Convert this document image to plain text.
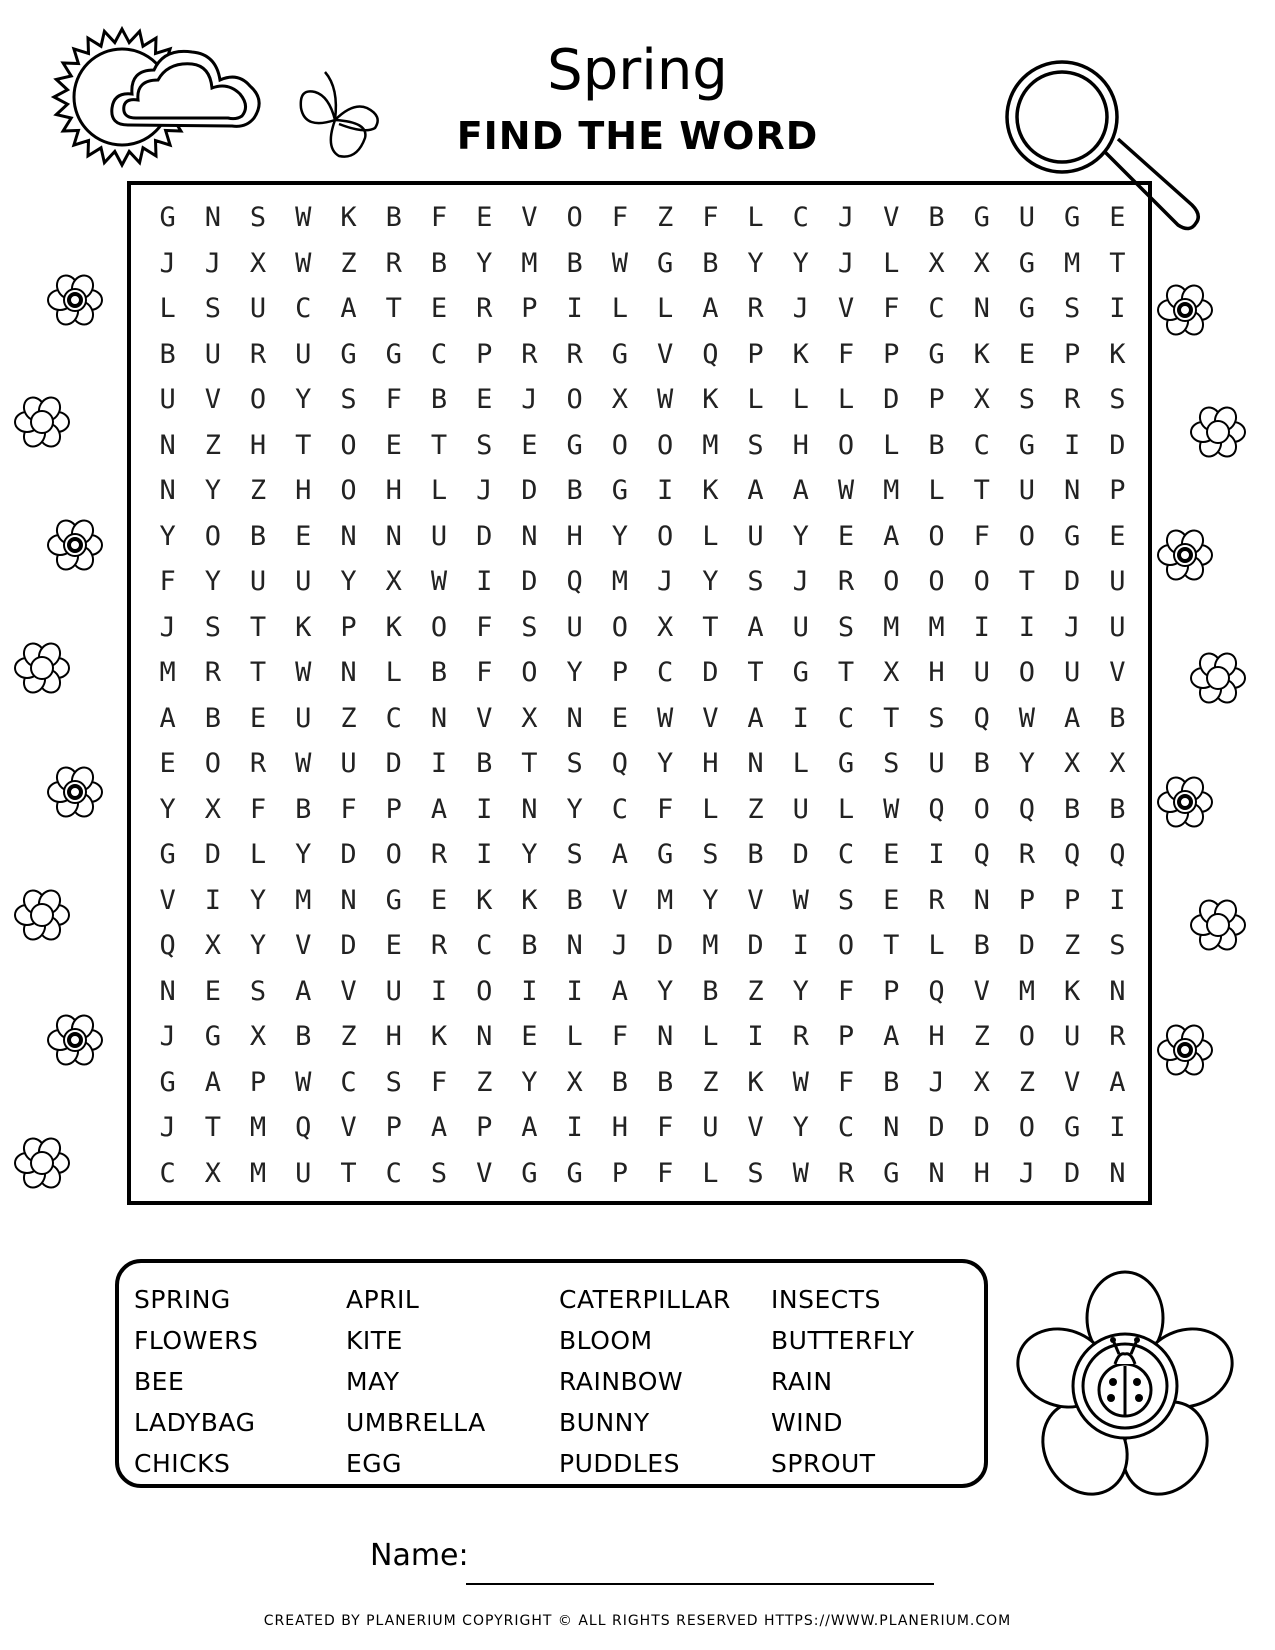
Spring
FIND THE WORD
G	N	S	W	K	B	F	E	V	O	F	Z	F	L	C	J	V	B	G	U	G	E
J	J	X	W	Z	R	B	Y	M	B	W	G	B	Y	Y	J	L	X	X	G	M	T
L	S	U	C	A	T	E	R	P	I	L	L	A	R	J	V	F	C	N	G	S	I
B	U	R	U	G	G	C	P	R	R	G	V	Q	P	K	F	P	G	K	E	P	K
U	V	O	Y	S	F	B	E	J	O	X	W	K	L	L	L	D	P	X	S	R	S
N	Z	H	T	O	E	T	S	E	G	O	O	M	S	H	O	L	B	C	G	I	D
N	Y	Z	H	O	H	L	J	D	B	G	I	K	A	A	W	M	L	T	U	N	P
Y	O	B	E	N	N	U	D	N	H	Y	O	L	U	Y	E	A	O	F	O	G	E
F	Y	U	U	Y	X	W	I	D	Q	M	J	Y	S	J	R	O	O	O	T	D	U
J	S	T	K	P	K	O	F	S	U	O	X	T	A	U	S	M	M	I	I	J	U
M	R	T	W	N	L	B	F	O	Y	P	C	D	T	G	T	X	H	U	O	U	V
A	B	E	U	Z	C	N	V	X	N	E	W	V	A	I	C	T	S	Q	W	A	B
E	O	R	W	U	D	I	B	T	S	Q	Y	H	N	L	G	S	U	B	Y	X	X
Y	X	F	B	F	P	A	I	N	Y	C	F	L	Z	U	L	W	Q	O	Q	B	B
G	D	L	Y	D	O	R	I	Y	S	A	G	S	B	D	C	E	I	Q	R	Q	Q
V	I	Y	M	N	G	E	K	K	B	V	M	Y	V	W	S	E	R	N	P	P	I
Q	X	Y	V	D	E	R	C	B	N	J	D	M	D	I	O	T	L	B	D	Z	S
N	E	S	A	V	U	I	O	I	I	A	Y	B	Z	Y	F	P	Q	V	M	K	N
J	G	X	B	Z	H	K	N	E	L	F	N	L	I	R	P	A	H	Z	O	U	R
G	A	P	W	C	S	F	Z	Y	X	B	B	Z	K	W	F	B	J	X	Z	V	A
J	T	M	Q	V	P	A	P	A	I	H	F	U	V	Y	C	N	D	D	O	G	I
C	X	M	U	T	C	S	V	G	G	P	F	L	S	W	R	G	N	H	J	D	N
SPRING
FLOWERS
BEE
LADYBAG
CHICKS
APRIL
KITE
MAY
UMBRELLA
EGG
CATERPILLAR
BLOOM
RAINBOW
BUNNY
PUDDLES
INSECTS
BUTTERFLY
RAIN
WIND
SPROUT
Name:
CREATED BY PLANERIUM COPYRIGHT © ALL RIGHTS RESERVED HTTPS://WWW.PLANERIUM.COM
